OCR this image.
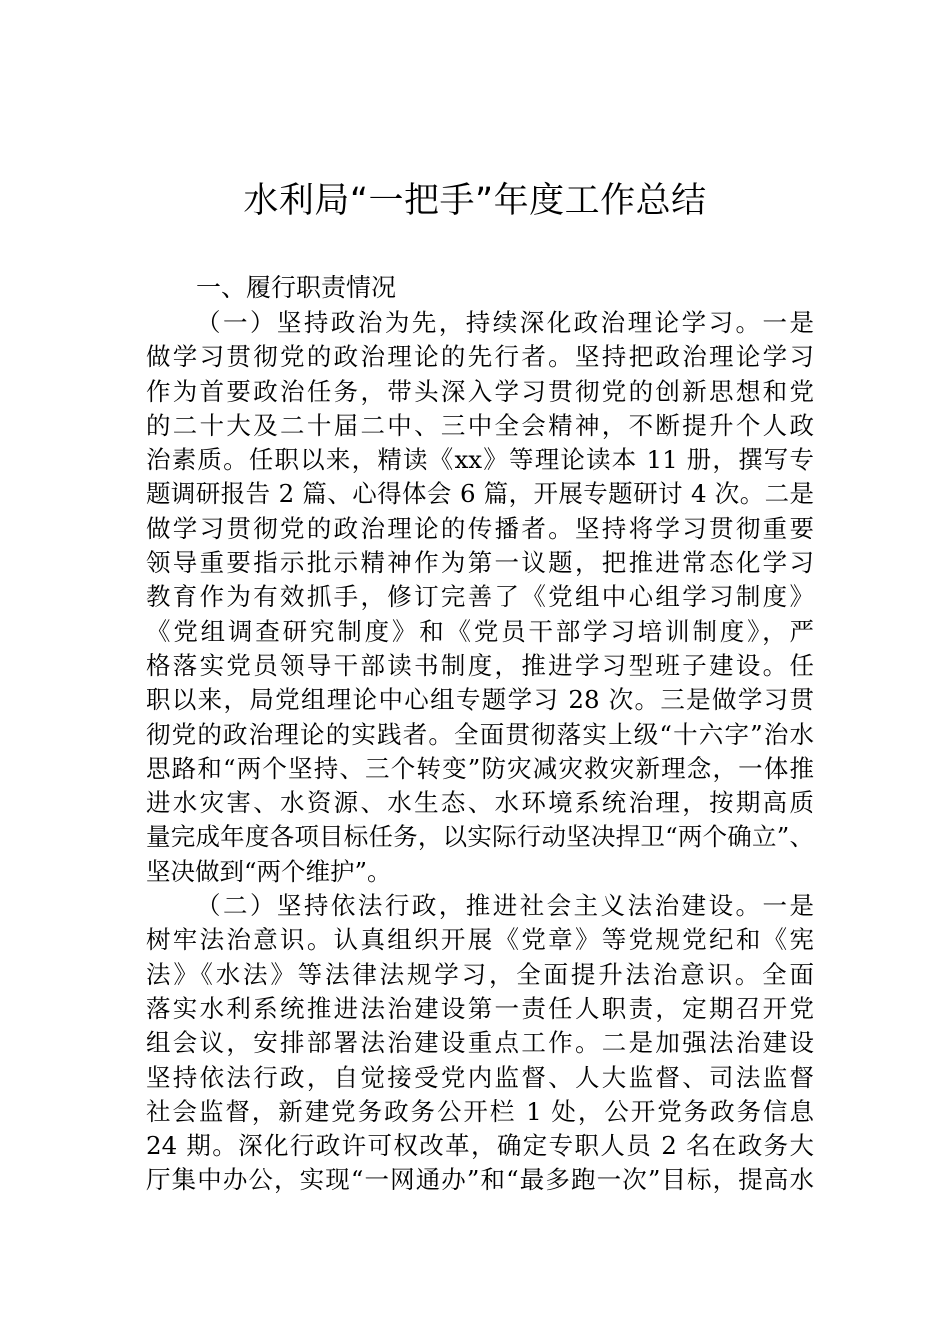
水利局“一把手”年度工作总结
一、履行职责情况
（一）坚持政治为先，持续深化政治理论学习。一是
做学习贯彻党的政治理论的先行者。坚持把政治理论学习
作为首要政治任务，带头深入学习贯彻党的创新思想和党
的二十大及二十届二中、三中全会精神，不断提升个人政
治素质。任职以来，精读《xx》等理论读本 11 册，撰写专
题调研报告 2 篇、心得体会 6 篇，开展专题研讨 4 次。二是
做学习贯彻党的政治理论的传播者。坚持将学习贯彻重要
领导重要指示批示精神作为第一议题，把推进常态化学习
教育作为有效抓手，修订完善了《党组中心组学习制度》
《党组调查研究制度》和《党员干部学习培训制度》，严
格落实党员领导干部读书制度，推进学习型班子建设。任
职以来，局党组理论中心组专题学习 28 次。三是做学习贯
彻党的政治理论的实践者。全面贯彻落实上级“十六字”治水
思路和“两个坚持、三个转变”防灾减灾救灾新理念，一体推
进水灾害、水资源、水生态、水环境系统治理，按期高质
量完成年度各项目标任务，以实际行动坚决捍卫“两个确立”、
坚决做到“两个维护”。
（二）坚持依法行政，推进社会主义法治建设。一是
树牢法治意识。认真组织开展《党章》等党规党纪和《宪
法》《水法》等法律法规学习，全面提升法治意识。全面
落实水利系统推进法治建设第一责任人职责，定期召开党
组会议，安排部署法治建设重点工作。二是加强法治建设
坚持依法行政，自觉接受党内监督、人大监督、司法监督
社会监督，新建党务政务公开栏 1 处，公开党务政务信息
24 期。深化行政许可权改革，确定专职人员 2 名在政务大
厅集中办公，实现“一网通办”和“最多跑一次”目标，提高水
